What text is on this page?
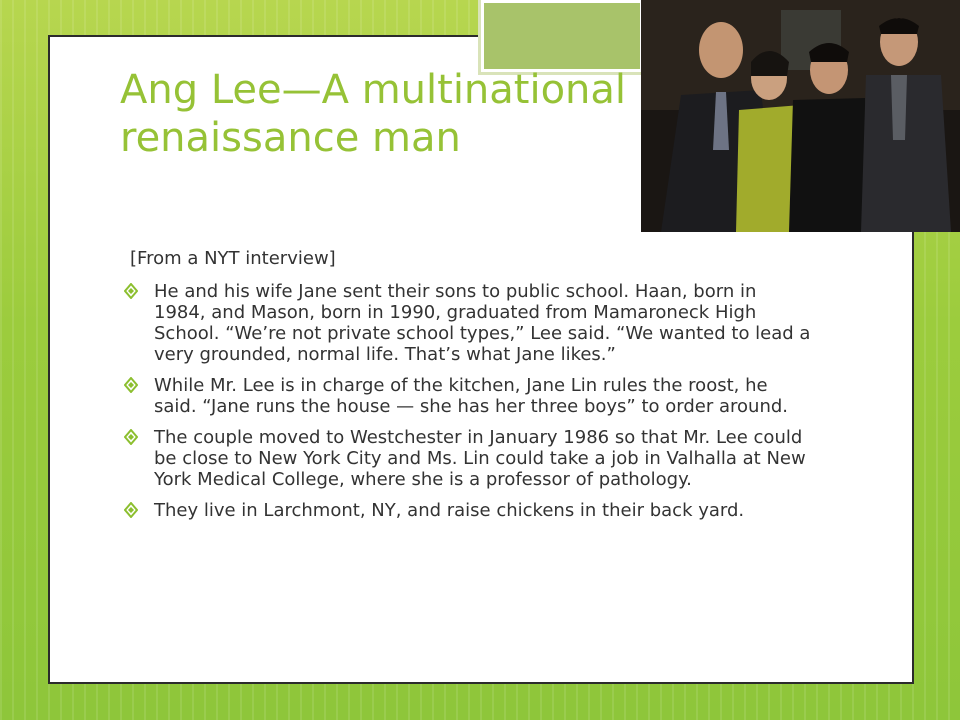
Ang Lee—A multinational renaissance man
[From a NYT interview]
He and his wife Jane sent their sons to public school. Haan, born in 1984, and Mason, born in 1990, graduated from Mamaroneck High School. “We’re not private school types,” Lee said. “We wanted to lead a very grounded, normal life. That’s what Jane likes.”
While Mr. Lee is in charge of the kitchen, Jane Lin rules the roost, he said. “Jane runs the house — she has her three boys” to order around.
The couple moved to Westchester in January 1986 so that Mr. Lee could be close to New York City and Ms. Lin could take a job in Valhalla at New York Medical College, where she is a professor of pathology.
They live in Larchmont, NY, and raise chickens in their back yard.
